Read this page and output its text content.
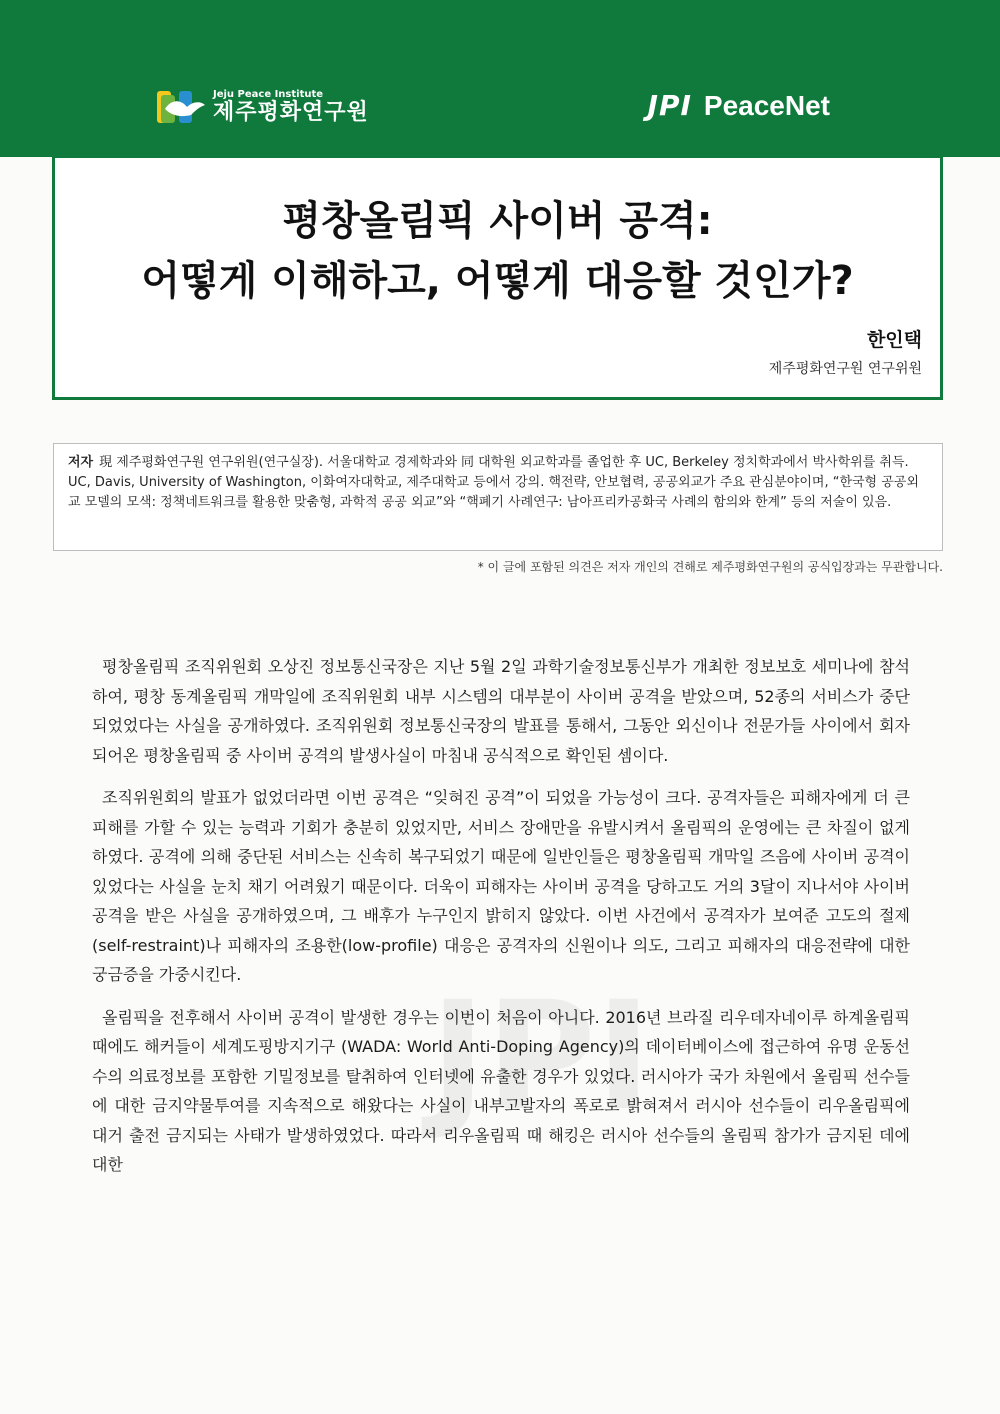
Jeju Peace Institute
제주평화연구원	JPI PeaceNet
평창올림픽 사이버 공격:
어떻게 이해하고, 어떻게 대응할 것인가?
한인택
제주평화연구원 연구위원
저자 現 제주평화연구원 연구위원(연구실장). 서울대학교 경제학과와 同 대학원 외교학과를 졸업한 후 UC, Berkeley 정치학과에서 박사학위를 취득. UC, Davis, University of Washington, 이화여자대학교, 제주대학교 등에서 강의. 핵전략, 안보협력, 공공외교가 주요 관심분야이며, “한국형 공공외교 모델의 모색: 정책네트워크를 활용한 맞춤형, 과학적 공공 외교”와 “핵폐기 사례연구: 남아프리카공화국 사례의 함의와 한계” 등의 저술이 있음.
* 이 글에 포함된 의견은 저자 개인의 견해로 제주평화연구원의 공식입장과는 무관합니다.
JPI

평창올림픽 조직위원회 오상진 정보통신국장은 지난 5월 2일 과학기술정보통신부가 개최한 정보보호 세미나에 참석하여, 평창 동계올림픽 개막일에 조직위원회 내부 시스템의 대부분이 사이버 공격을 받았으며, 52종의 서비스가 중단되었었다는 사실을 공개하였다. 조직위원회 정보통신국장의 발표를 통해서, 그동안 외신이나 전문가들 사이에서 회자되어온 평창올림픽 중 사이버 공격의 발생사실이 마침내 공식적으로 확인된 셈이다.

조직위원회의 발표가 없었더라면 이번 공격은 “잊혀진 공격”이 되었을 가능성이 크다. 공격자들은 피해자에게 더 큰 피해를 가할 수 있는 능력과 기회가 충분히 있었지만, 서비스 장애만을 유발시켜서 올림픽의 운영에는 큰 차질이 없게 하였다. 공격에 의해 중단된 서비스는 신속히 복구되었기 때문에 일반인들은 평창올림픽 개막일 즈음에 사이버 공격이 있었다는 사실을 눈치 채기 어려웠기 때문이다. 더욱이 피해자는 사이버 공격을 당하고도 거의 3달이 지나서야 사이버 공격을 받은 사실을 공개하였으며, 그 배후가 누구인지 밝히지 않았다. 이번 사건에서 공격자가 보여준 고도의 절제(self-restraint)나 피해자의 조용한(low-profile) 대응은 공격자의 신원이나 의도, 그리고 피해자의 대응전략에 대한 궁금증을 가중시킨다.

올림픽을 전후해서 사이버 공격이 발생한 경우는 이번이 처음이 아니다. 2016년 브라질 리우데자네이루 하계올림픽 때에도 해커들이 세계도핑방지기구 (WADA: World Anti-Doping Agency)의 데이터베이스에 접근하여 유명 운동선수의 의료정보를 포함한 기밀정보를 탈취하여 인터넷에 유출한 경우가 있었다. 러시아가 국가 차원에서 올림픽 선수들에 대한 금지약물투여를 지속적으로 해왔다는 사실이 내부고발자의 폭로로 밝혀져서 러시아 선수들이 리우올림픽에 대거 출전 금지되는 사태가 발생하였었다. 따라서 리우올림픽 때 해킹은 러시아 선수들의 올림픽 참가가 금지된 데에 대한
